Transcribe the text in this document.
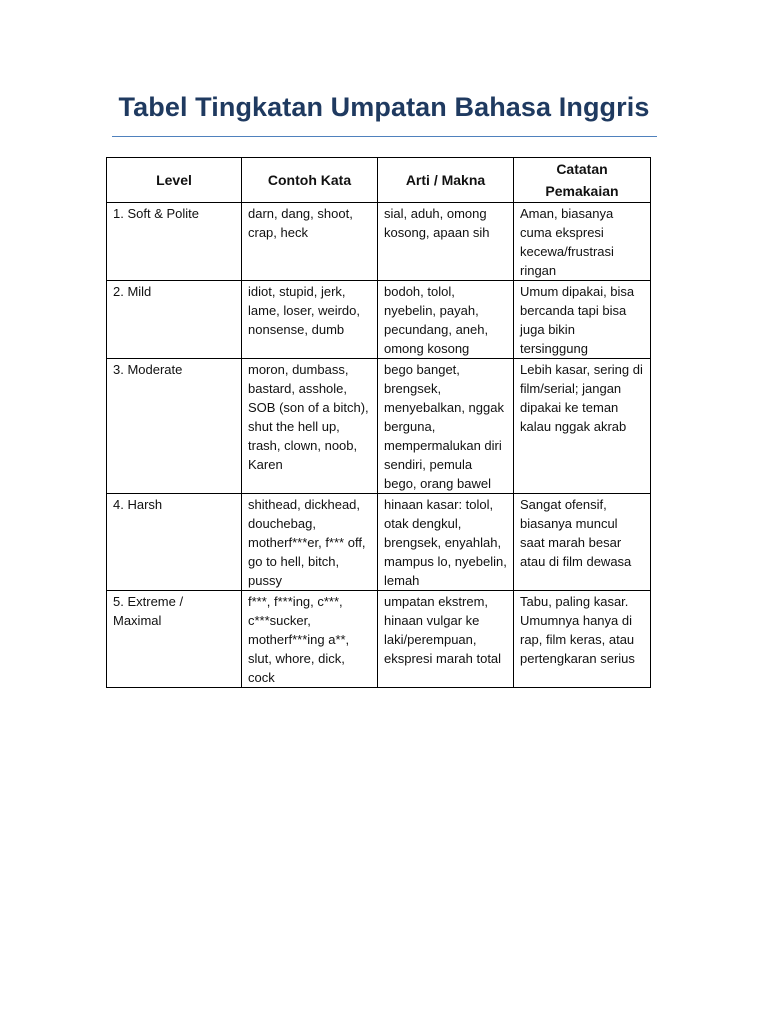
Tabel Tingkatan Umpatan Bahasa Inggris
Level	Contoh Kata	Arti / Makna	Catatan Pemakaian

1. Soft & Polite	darn, dang, shoot, crap, heck	sial, aduh, omong kosong, apaan sih	Aman, biasanya cuma ekspresi kecewa/frustrasi ringan
2. Mild	idiot, stupid, jerk, lame, loser, weirdo, nonsense, dumb	bodoh, tolol, nyebelin, payah, pecundang, aneh, omong kosong	Umum dipakai, bisa bercanda tapi bisa juga bikin tersinggung
3. Moderate	moron, dumbass, bastard, asshole, SOB (son of a bitch), shut the hell up, trash, clown, noob, Karen	bego banget, brengsek, menyebalkan, nggak berguna, mempermalukan diri sendiri, pemula bego, orang bawel	Lebih kasar, sering di film/serial; jangan dipakai ke teman kalau nggak akrab
4. Harsh	shithead, dickhead, douchebag, motherf***er, f*** off, go to hell, bitch, pussy	hinaan kasar: tolol, otak dengkul, brengsek, enyahlah, mampus lo, nyebelin, lemah	Sangat ofensif, biasanya muncul saat marah besar atau di film dewasa
5. Extreme / Maximal	f***, f***ing, c***, c***sucker, motherf***ing a**, slut, whore, dick, cock	umpatan ekstrem, hinaan vulgar ke laki/perempuan, ekspresi marah total	Tabu, paling kasar. Umumnya hanya di rap, film keras, atau pertengkaran serius
